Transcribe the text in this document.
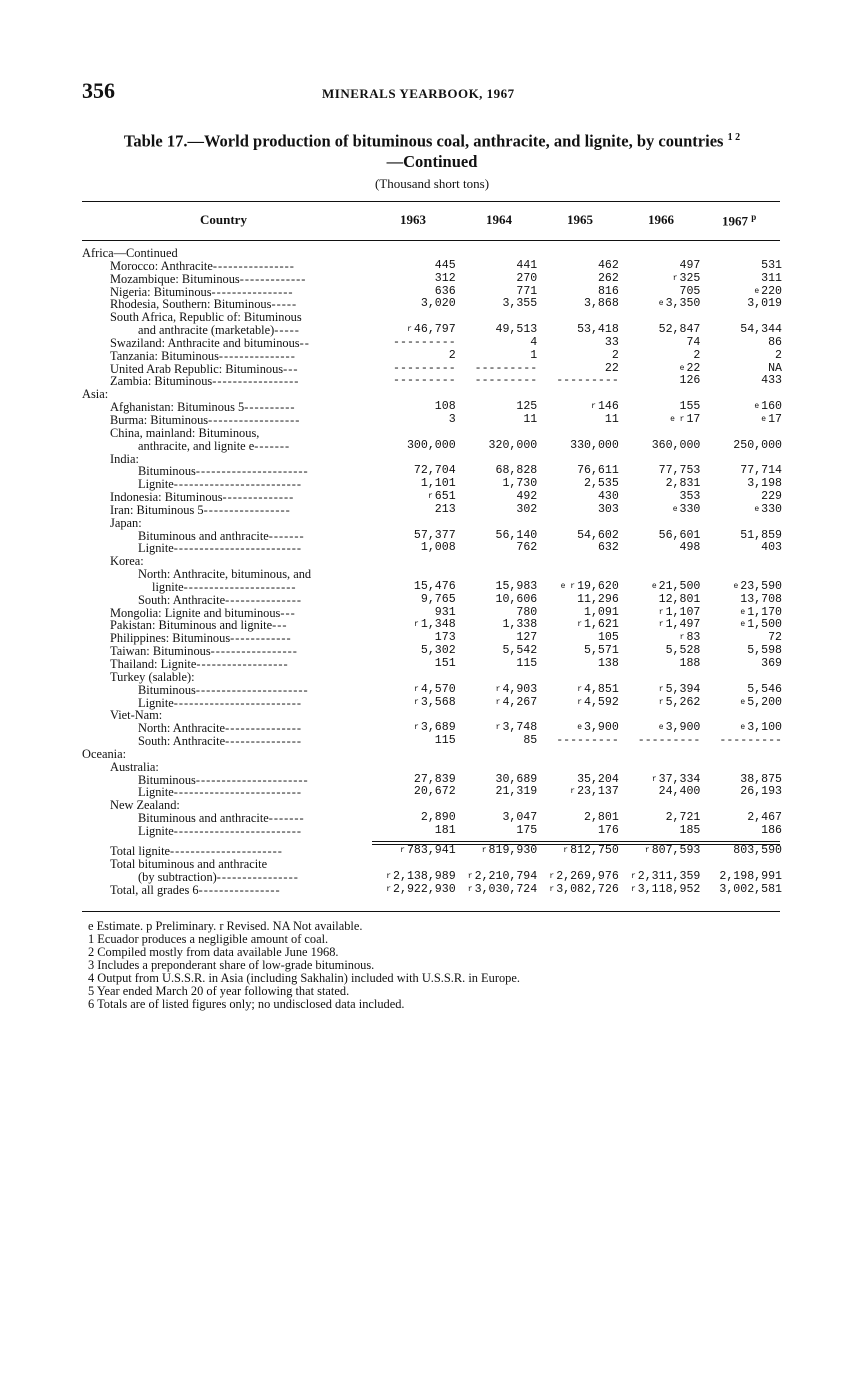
356	MINERALS YEARBOOK, 1967
Table 17.—World production of bituminous coal, anthracite, and lignite, by countries $^{1 2}$
—Continued
(Thousand short tons)
Country	1963	1964	1965	1966	1967 $^p$
Africa—Continued					
Morocco: Anthracite----------------	445	441	462	497	531
Mozambique: Bituminous-------------	312	270	262	$^r$ 325	311
Nigeria: Bituminous----------------	636	771	816	705	$^e$ 220
Rhodesia, Southern: Bituminous-----	3,020	3,355	3,868	$^e$ 3,350	3,019
South Africa, Republic of: Bituminous					
and anthracite (marketable)-----	$^r$ 46,797	49,513	53,418	52,847	54,344
Swaziland: Anthracite and bituminous--	---------	4	33	74	86
Tanzania: Bituminous---------------	2	1	2	2	2
United Arab Republic: Bituminous---	---------	---------	22	$^e$ 22	NA
Zambia: Bituminous-----------------	---------	---------	---------	126	433
Asia:					
Afghanistan: Bituminous 5----------	108	125	$^r$ 146	155	$^e$ 160
Burma: Bituminous------------------	3	11	11	$^{e r}$ 17	$^e$ 17
China, mainland: Bituminous,					
anthracite, and lignite e-------	300,000	320,000	330,000	360,000	250,000
India:					
Bituminous----------------------	72,704	68,828	76,611	77,753	77,714
Lignite-------------------------	1,101	1,730	2,535	2,831	3,198
Indonesia: Bituminous--------------	$^r$ 651	492	430	353	229
Iran: Bituminous 5-----------------	213	302	303	$^e$ 330	$^e$ 330
Japan:					
Bituminous and anthracite-------	57,377	56,140	54,602	56,601	51,859
Lignite-------------------------	1,008	762	632	498	403
Korea:					
North: Anthracite, bituminous, and					
lignite----------------------	15,476	15,983	$^{e r}$ 19,620	$^e$ 21,500	$^e$ 23,590
South: Anthracite---------------	9,765	10,606	11,296	12,801	13,708
Mongolia: Lignite and bituminous---	931	780	1,091	$^r$ 1,107	$^e$ 1,170
Pakistan: Bituminous and lignite---	$^r$ 1,348	1,338	$^r$ 1,621	$^r$ 1,497	$^e$ 1,500
Philippines: Bituminous------------	173	127	105	$^r$ 83	72
Taiwan: Bituminous-----------------	5,302	5,542	5,571	5,528	5,598
Thailand: Lignite------------------	151	115	138	188	369
Turkey (salable):					
Bituminous----------------------	$^r$ 4,570	$^r$ 4,903	$^r$ 4,851	$^r$ 5,394	5,546
Lignite-------------------------	$^r$ 3,568	$^r$ 4,267	$^r$ 4,592	$^r$ 5,262	$^e$ 5,200
Viet-Nam:					
North: Anthracite---------------	$^r$ 3,689	$^r$ 3,748	$^e$ 3,900	$^e$ 3,900	$^e$ 3,100
South: Anthracite---------------	115	85	---------	---------	---------
Oceania:					
Australia:					
Bituminous----------------------	27,839	30,689	35,204	$^r$ 37,334	38,875
Lignite-------------------------	20,672	21,319	$^r$ 23,137	24,400	26,193
New Zealand:					
Bituminous and anthracite-------	2,890	3,047	2,801	2,721	2,467
Lignite-------------------------	181	175	176	185	186
Total lignite----------------------	$^r$ 783,941	$^r$ 819,930	$^r$ 812,750	$^r$ 807,593	803,590
Total bituminous and anthracite					
(by subtraction)----------------	$^r$ 2,138,989	$^r$ 2,210,794	$^r$ 2,269,976	$^r$ 2,311,359	2,198,991
Total, all grades 6----------------	$^r$ 2,922,930	$^r$ 3,030,724	$^r$ 3,082,726	$^r$ 3,118,952	3,002,581
e Estimate. p Preliminary. r Revised. NA Not available.
1 Ecuador produces a negligible amount of coal.
2 Compiled mostly from data available June 1968.
3 Includes a preponderant share of low-grade bituminous.
4 Output from U.S.S.R. in Asia (including Sakhalin) included with U.S.S.R. in Europe.
5 Year ended March 20 of year following that stated.
6 Totals are of listed figures only; no undisclosed data included.
